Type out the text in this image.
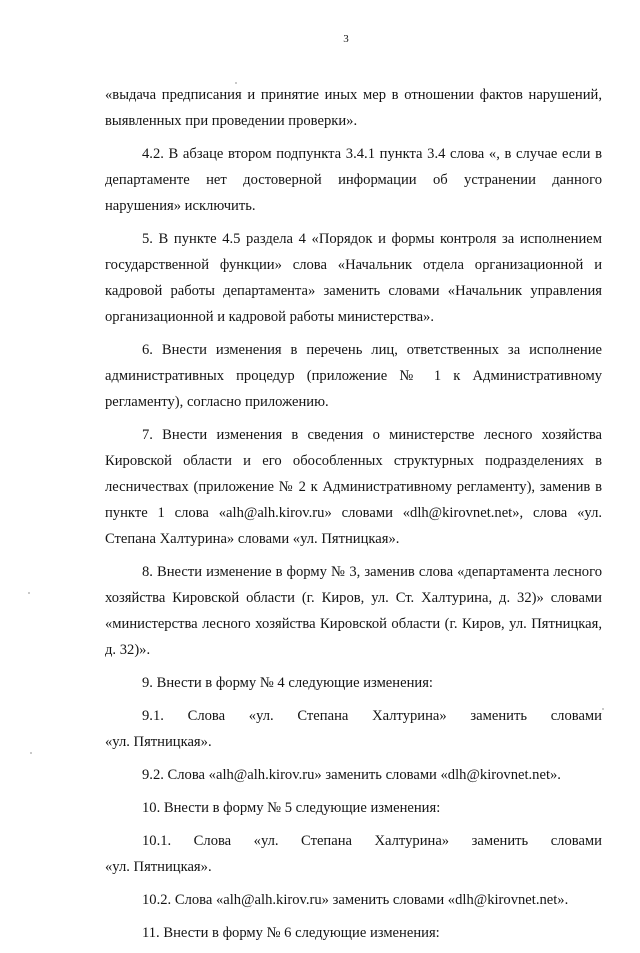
3

«выдача предписания и принятие иных мер в отношении фактов нарушений, выявленных при проведении проверки».

4.2. В абзаце втором подпункта 3.4.1 пункта 3.4 слова «, в случае если в департаменте нет достоверной информации об устранении данного нарушения» исключить.

5. В пункте 4.5 раздела 4 «Порядок и формы контроля за исполнением государственной функции» слова «Начальник отдела организационной и кадровой работы департамента» заменить словами «Начальник управления организационной и кадровой работы министерства».

6. Внести изменения в перечень лиц, ответственных за исполнение административных процедур (приложение № 1 к Административному регламенту), согласно приложению.

7. Внести изменения в сведения о министерстве лесного хозяйства Кировской области и его обособленных структурных подразделениях в лесничествах (приложение № 2 к Административному регламенту), заменив в пункте 1 слова «alh@alh.kirov.ru» словами «dlh@kirovnet.net», слова «ул. Степана Халтурина» словами «ул. Пятницкая».

8. Внести изменение в форму № 3, заменив слова «департамента лесного хозяйства Кировской области (г. Киров, ул. Ст. Халтурина, д. 32)» словами «министерства лесного хозяйства Кировской области (г. Киров, ул. Пятницкая, д. 32)».

9. Внести в форму № 4 следующие изменения:

9.1. Слова «ул. Степана Халтурина» заменить словами

«ул. Пятницкая».

9.2. Слова «alh@alh.kirov.ru» заменить словами «dlh@kirovnet.net».

10. Внести в форму № 5 следующие изменения:

10.1. Слова «ул. Степана Халтурина» заменить словами

«ул. Пятницкая».

10.2. Слова «alh@alh.kirov.ru» заменить словами «dlh@kirovnet.net».

11. Внести в форму № 6 следующие изменения:
